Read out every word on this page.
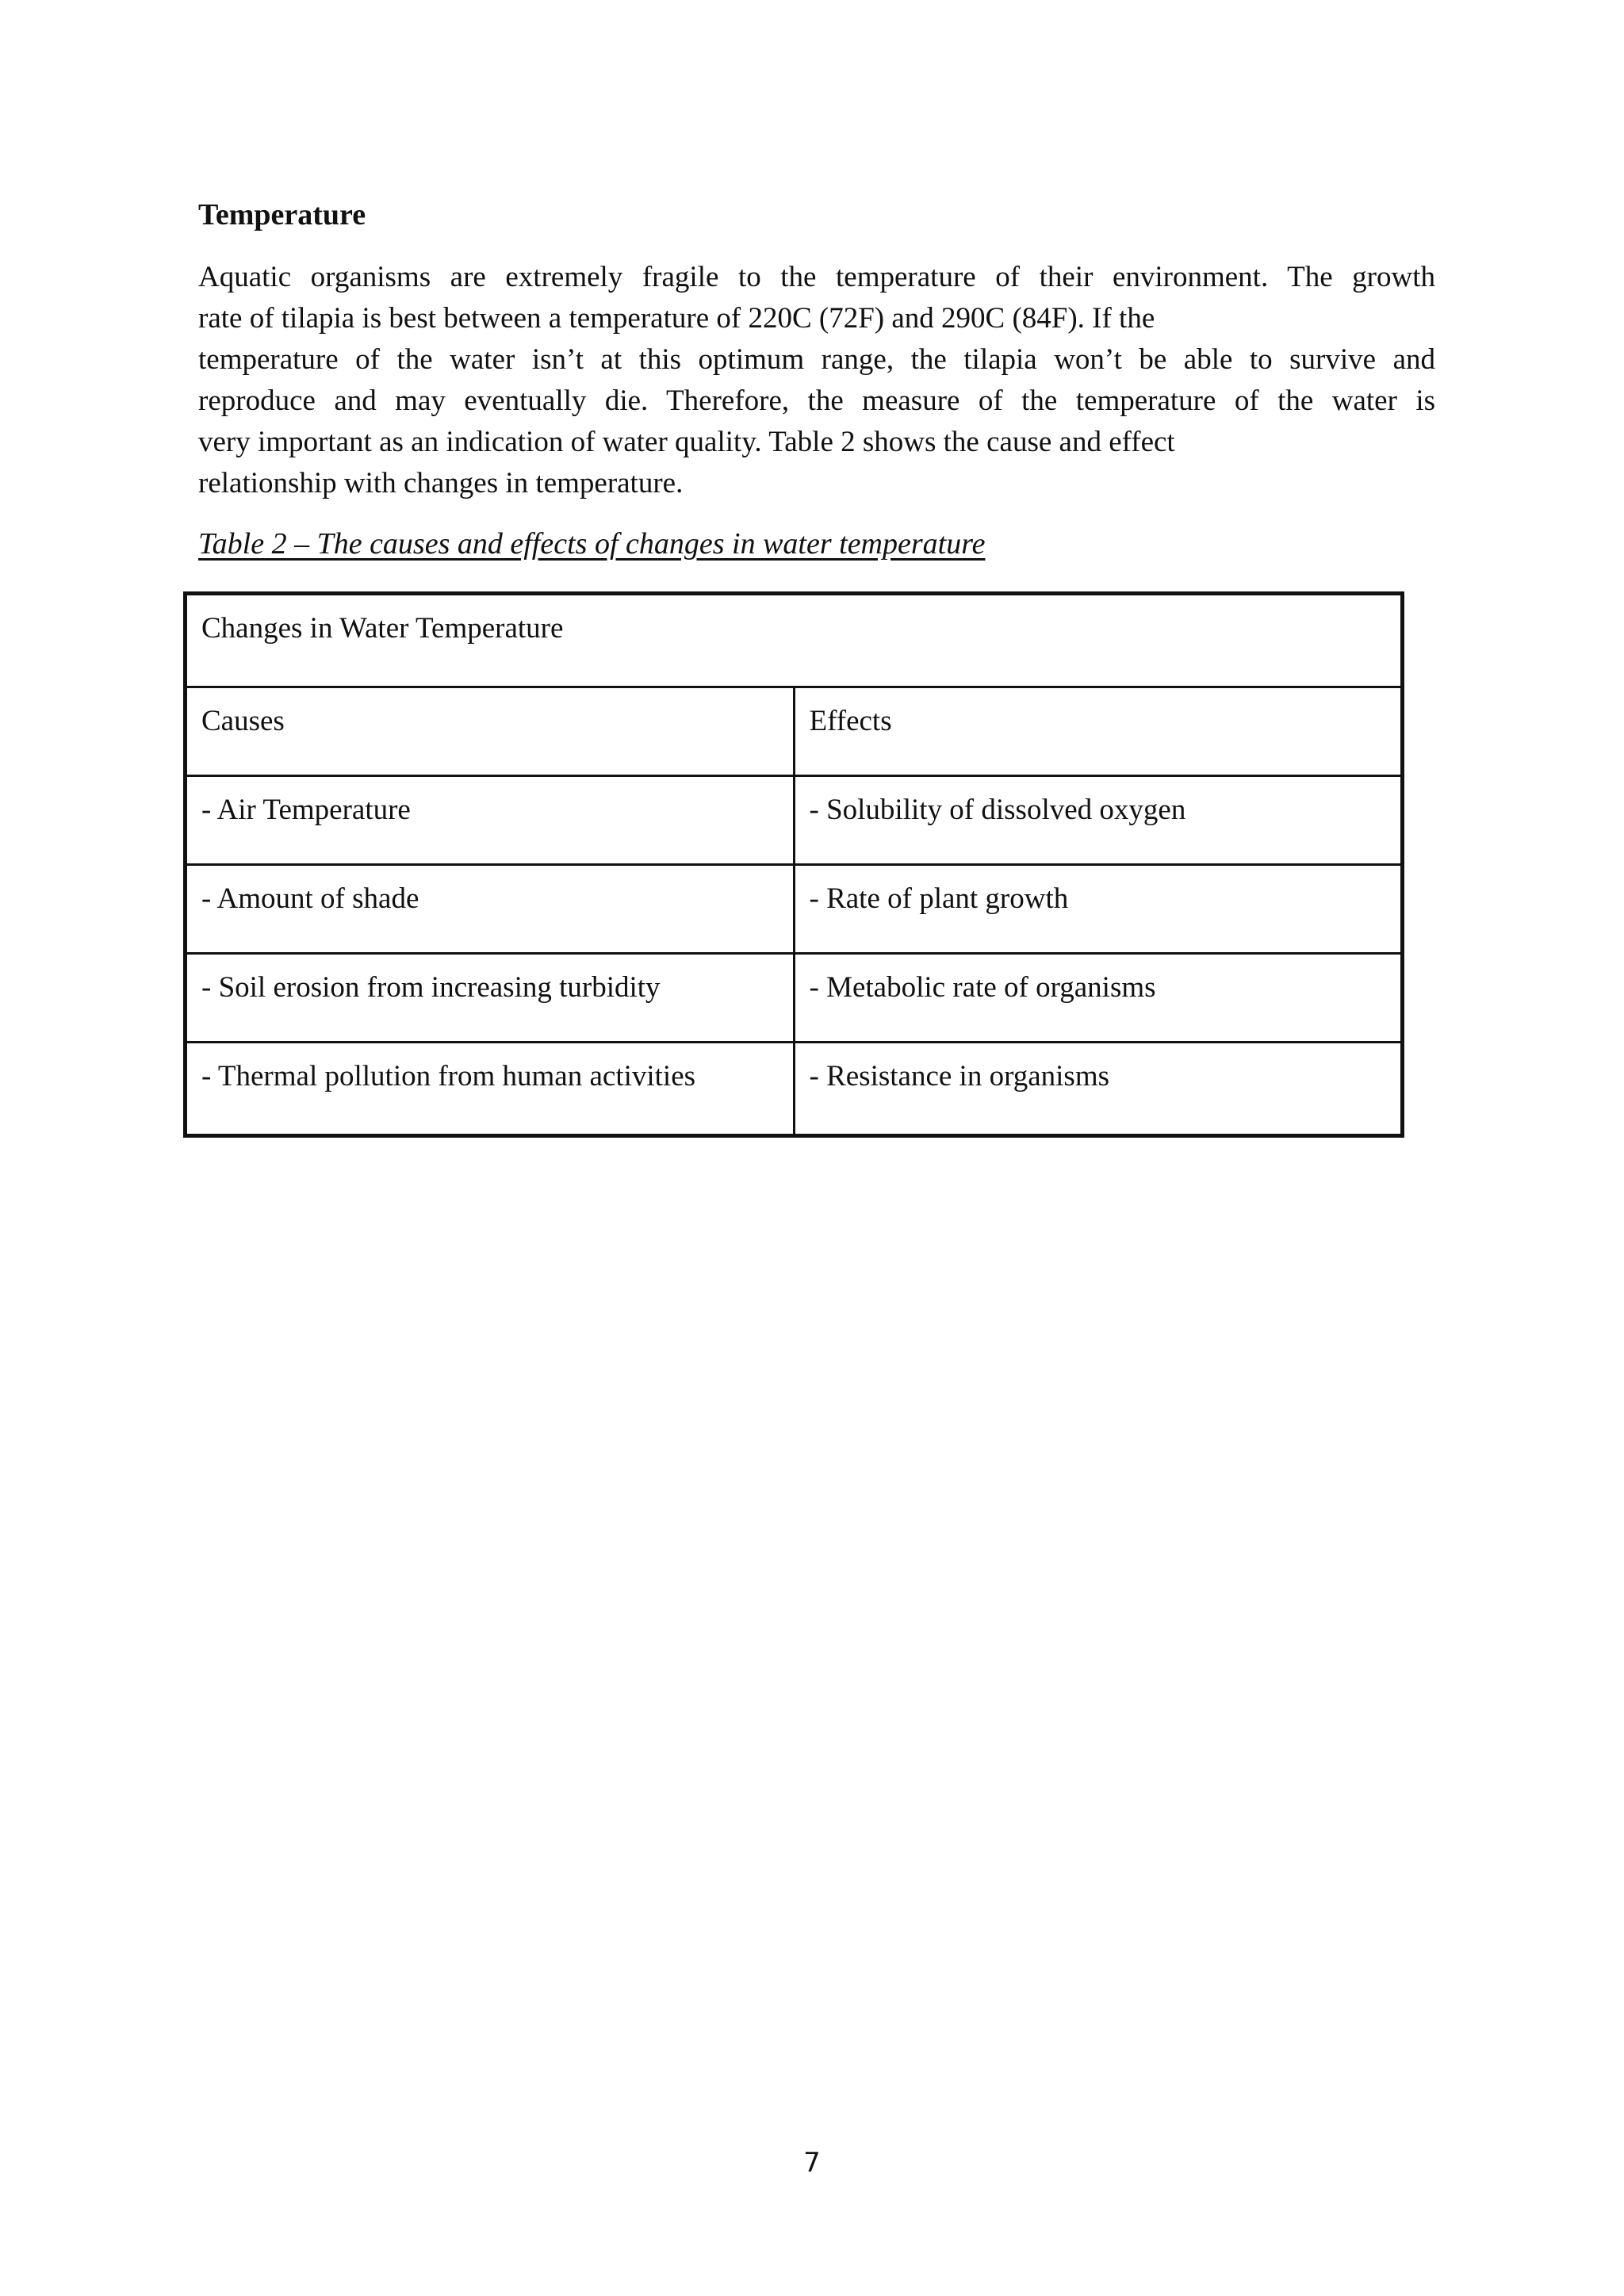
Temperature

Aquatic organisms are extremely fragile to the temperature of their environment. The growth
rate of tilapia is best between a temperature of 220C (72F) and 290C (84F). If the
temperature of the water isn’t at this optimum range, the tilapia won’t be able to survive and
reproduce and may eventually die. Therefore, the measure of the temperature of the water is
very important as an indication of water quality. Table 2 shows the cause and effect
relationship with changes in temperature.

Table 2 – The causes and effects of changes in water temperature

Changes in Water Temperature	
Causes	Effects
- Air Temperature	- Solubility of dissolved oxygen
- Amount of shade	- Rate of plant growth
- Soil erosion from increasing turbidity	- Metabolic rate of organisms
- Thermal pollution from human activities	- Resistance in organisms

7
